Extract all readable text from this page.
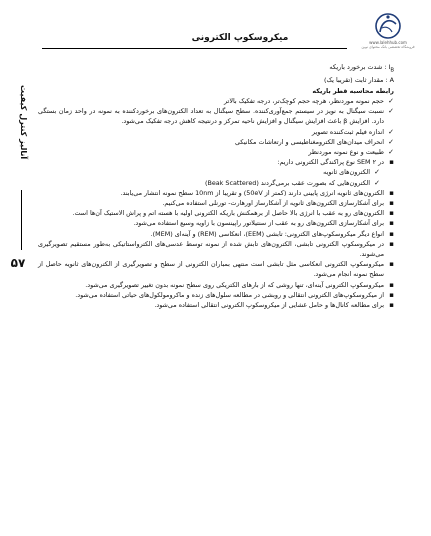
میکروسکوپ الکترونی	www.lalehhub.com
فروشگاه تخصصی بانک محتوای نوین
آنالیز کنترل کیفیت
۵۷

$I_B$ : شدت برخورد باریکه

A : مقدار ثابت (تقریبا یک)

رابطه محاسبه قطر باریکه

✓
حجم نمونه موردنظر، هرچه حجم کوچک‌تر، درجه تفکیک بالاتر

✓
نسبت سیگنال به نویز در سیستم جمع‌آوری‌کننده. سطح سیگنال به تعداد الکترون‌های برخوردکننده به نمونه در واحد زمان بستگی دارد. افزایش β باعث افزایش سیگنال و افزایش ناحیه تمرکز و درنتیجه کاهش درجه تفکیک می‌شود.

✓
اندازه فیلم ثبت‌کننده تصویر

✓
انحراف میدان‌های الکترومغناطیسی و ارتعاشات مکانیکی

✓
طبیعت و نوع نمونه موردنظر

▪
در SEM ۲ نوع پراکندگی الکترونی داریم:

✓
الکترون‌های ثانویه

✓
الکترون‌هایی که بصورت عقب برمی‌گردند (Beak Scattered)

▪
الکترون‌های ثانویه انرژی پایینی دارند (کمتر از 50eV) و تقریبا از 10nm سطح نمونه انتشار می‌یابند.

▪
برای آشکارسازی الکترون‌های ثانویه از آشکارساز اورهارت- تورنلی استفاده می‌کنیم.

▪
الکترون‌های رو به عقب با انرژی بالا حاصل از برهمکنش باریکه الکترونی اولیه با هسته اتم و پراش الاستیک آن‌ها است.

▪
برای آشکارسازی الکترون‌های رو به عقب از سنتیلاتور راپینسون با زاویه وسیع استفاده می‌شود.

▪
انواع دیگر میکروسکوپ‌های الکترونی: تابشی (EEM)، انعکاسی (REM) و آینه‌ای (MEM).

▪
در میکروسکوپ الکترونی تابشی، الکترون‌های تابش شده از نمونه توسط عدسی‌های الکترواستاتیکی به‌طور مستقیم تصویرگیری می‌شوند.

▪
میکروسکوپ الکترونی انعکاسی مثل تابشی است منتهی بمباران الکترونی از سطح و تصویرگیری از الکترون‌های ثانویه حاصل از سطح نمونه انجام می‌شود.

▪
میکروسکوپ الکترونی آینه‌ای، تنها روشی که از بارهای الکتریکی روی سطح نمونه بدون تغییر تصویرگیری می‌شود.

▪
از میکروسکوپ‌های الکترونی انتقالی و روبشی در مطالعه سلول‌های زنده و ماکرومولکول‌های حیاتی استفاده می‌شود.

▪
برای مطالعه کانال‌ها و حامل غشایی از میکروسکوپ الکترونی انتقالی استفاده می‌شود.
